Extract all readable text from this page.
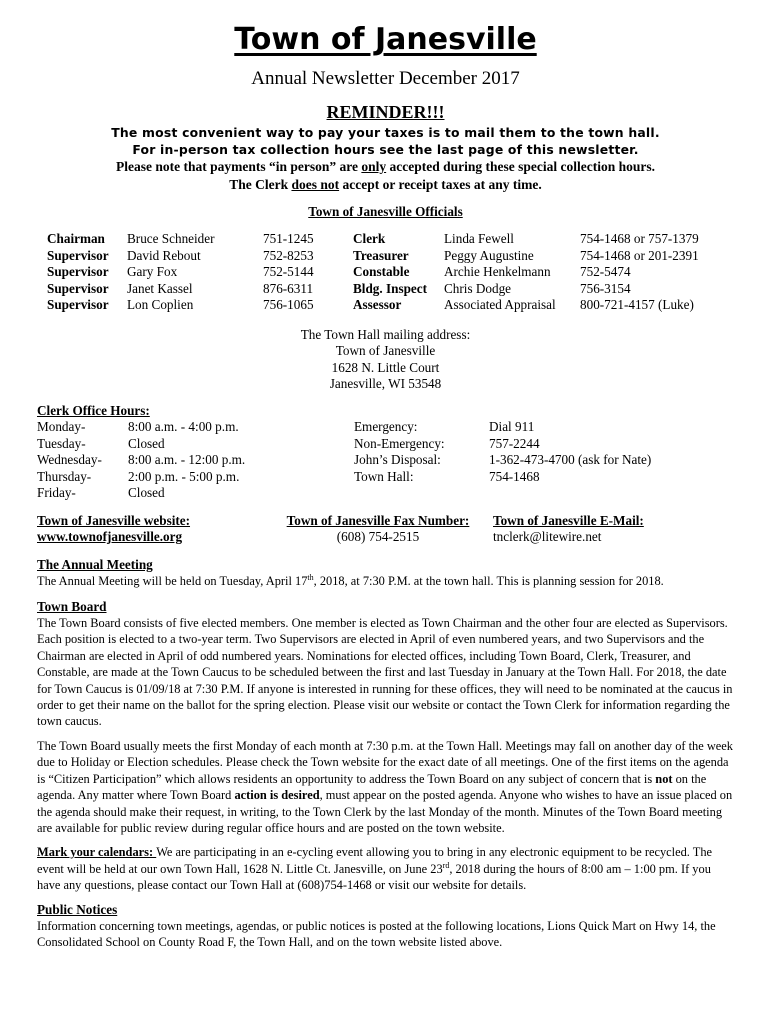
Town of Janesville
Annual Newsletter December 2017
REMINDER!!!
The most convenient way to pay your taxes is to mail them to the town hall.
For in-person tax collection hours see the last page of this newsletter.
Please note that payments “in person” are only accepted during these special collection hours.
The Clerk does not accept or receipt taxes at any time.
Town of Janesville Officials
Chairman	Bruce Schneider	751-1245	Clerk	Linda Fewell	754-1468 or 757-1379
Supervisor	David Rebout	752-8253	Treasurer	Peggy Augustine	754-1468 or 201-2391
Supervisor	Gary Fox	752-5144	Constable	Archie Henkelmann	752-5474
Supervisor	Janet Kassel	876-6311	Bldg. Inspect	Chris Dodge	756-3154
Supervisor	Lon Coplien	756-1065	Assessor	Associated Appraisal	800-721-4157 (Luke)
The Town Hall mailing address:
Town of Janesville
1628 N. Little Court
Janesville, WI 53548
Clerk Office Hours:
Monday-	8:00 a.m. - 4:00 p.m.	Emergency:	Dial 911
Tuesday-	Closed	Non-Emergency:	757-2244
Wednesday-	8:00 a.m. - 12:00 p.m.	John’s Disposal:	1-362-473-4700 (ask for Nate)
Thursday-	2:00 p.m. - 5:00 p.m.	Town Hall:	754-1468
Friday-	Closed
Town of Janesville website:	Town of Janesville Fax Number:	Town of Janesville E-Mail:
www.townofjanesville.org	(608) 754-2515	tnclerk@litewire.net
The Annual Meeting

The Annual Meeting will be held on Tuesday, April 17th, 2018, at 7:30 P.M. at the town hall. This is planning session for 2018.

Town Board

The Town Board consists of five elected members. One member is elected as Town Chairman and the other four are elected as Supervisors. Each position is elected to a two-year term. Two Supervisors are elected in April of even numbered years, and two Supervisors and the Chairman are elected in April of odd numbered years. Nominations for elected offices, including Town Board, Clerk, Treasurer, and Constable, are made at the Town Caucus to be scheduled between the first and last Tuesday in January at the Town Hall. For 2018, the date for Town Caucus is 01/09/18 at 7:30 P.M. If anyone is interested in running for these offices, they will need to be nominated at the caucus in order to get their name on the ballot for the spring election. Please visit our website or contact the Town Clerk for information regarding the town caucus.

The Town Board usually meets the first Monday of each month at 7:30 p.m. at the Town Hall. Meetings may fall on another day of the week due to Holiday or Election schedules. Please check the Town website for the exact date of all meetings. One of the first items on the agenda is “Citizen Participation” which allows residents an opportunity to address the Town Board on any subject of concern that is not on the agenda. Any matter where Town Board action is desired, must appear on the posted agenda. Anyone who wishes to have an issue placed on the agenda should make their request, in writing, to the Town Clerk by the last Monday of the month. Minutes of the Town Board meeting are available for public review during regular office hours and are posted on the town website.

Mark your calendars: We are participating in an e-cycling event allowing you to bring in any electronic equipment to be recycled. The event will be held at our own Town Hall, 1628 N. Little Ct. Janesville, on June 23rd, 2018 during the hours of 8:00 am – 1:00 pm. If you have any questions, please contact our Town Hall at (608)754-1468 or visit our website for details.

Public Notices

Information concerning town meetings, agendas, or public notices is posted at the following locations, Lions Quick Mart on Hwy 14, the Consolidated School on County Road F, the Town Hall, and on the town website listed above.
